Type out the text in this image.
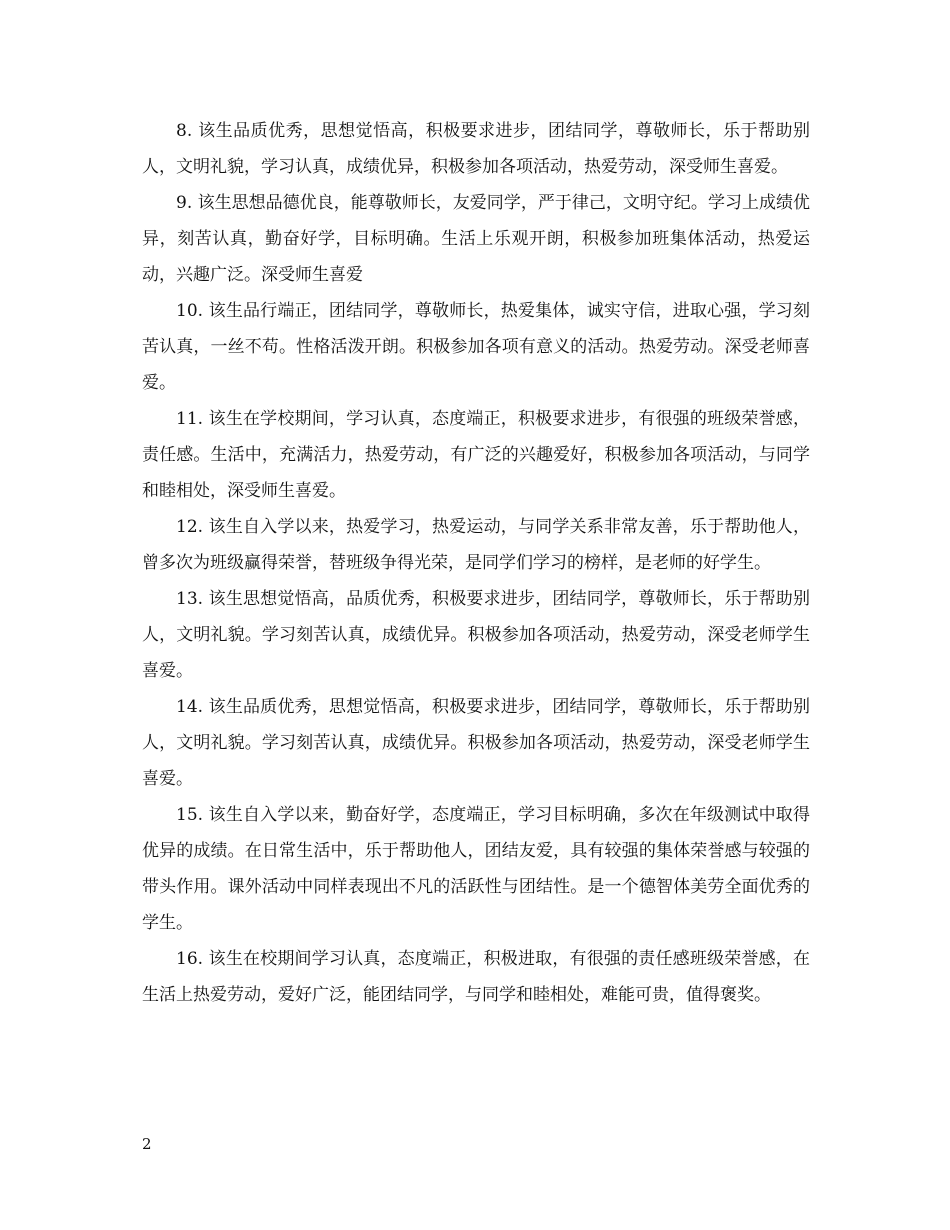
8. 该生品质优秀，思想觉悟高，积极要求进步，团结同学，尊敬师长，乐于帮助别人，文明礼貌，学习认真，成绩优异，积极参加各项活动，热爱劳动，深受师生喜爱。

9. 该生思想品德优良，能尊敬师长，友爱同学，严于律己，文明守纪。学习上成绩优异，刻苦认真，勤奋好学，目标明确。生活上乐观开朗，积极参加班集体活动，热爱运动，兴趣广泛。深受师生喜爱

10. 该生品行端正，团结同学，尊敬师长，热爱集体，诚实守信，进取心强，学习刻苦认真，一丝不苟。性格活泼开朗。积极参加各项有意义的活动。热爱劳动。深受老师喜爱。

11. 该生在学校期间，学习认真，态度端正，积极要求进步，有很强的班级荣誉感，责任感。生活中，充满活力，热爱劳动，有广泛的兴趣爱好，积极参加各项活动，与同学和睦相处，深受师生喜爱。

12. 该生自入学以来，热爱学习，热爱运动，与同学关系非常友善，乐于帮助他人，曾多次为班级赢得荣誉，替班级争得光荣，是同学们学习的榜样，是老师的好学生。

13. 该生思想觉悟高，品质优秀，积极要求进步，团结同学，尊敬师长，乐于帮助别人，文明礼貌。学习刻苦认真，成绩优异。积极参加各项活动，热爱劳动，深受老师学生喜爱。

14. 该生品质优秀，思想觉悟高，积极要求进步，团结同学，尊敬师长，乐于帮助别人，文明礼貌。学习刻苦认真，成绩优异。积极参加各项活动，热爱劳动，深受老师学生喜爱。

15. 该生自入学以来，勤奋好学，态度端正，学习目标明确，多次在年级测试中取得优异的成绩。在日常生活中，乐于帮助他人，团结友爱，具有较强的集体荣誉感与较强的带头作用。课外活动中同样表现出不凡的活跃性与团结性。是一个德智体美劳全面优秀的学生。

16. 该生在校期间学习认真，态度端正，积极进取，有很强的责任感班级荣誉感，在生活上热爱劳动，爱好广泛，能团结同学，与同学和睦相处，难能可贵，值得褒奖。

2
